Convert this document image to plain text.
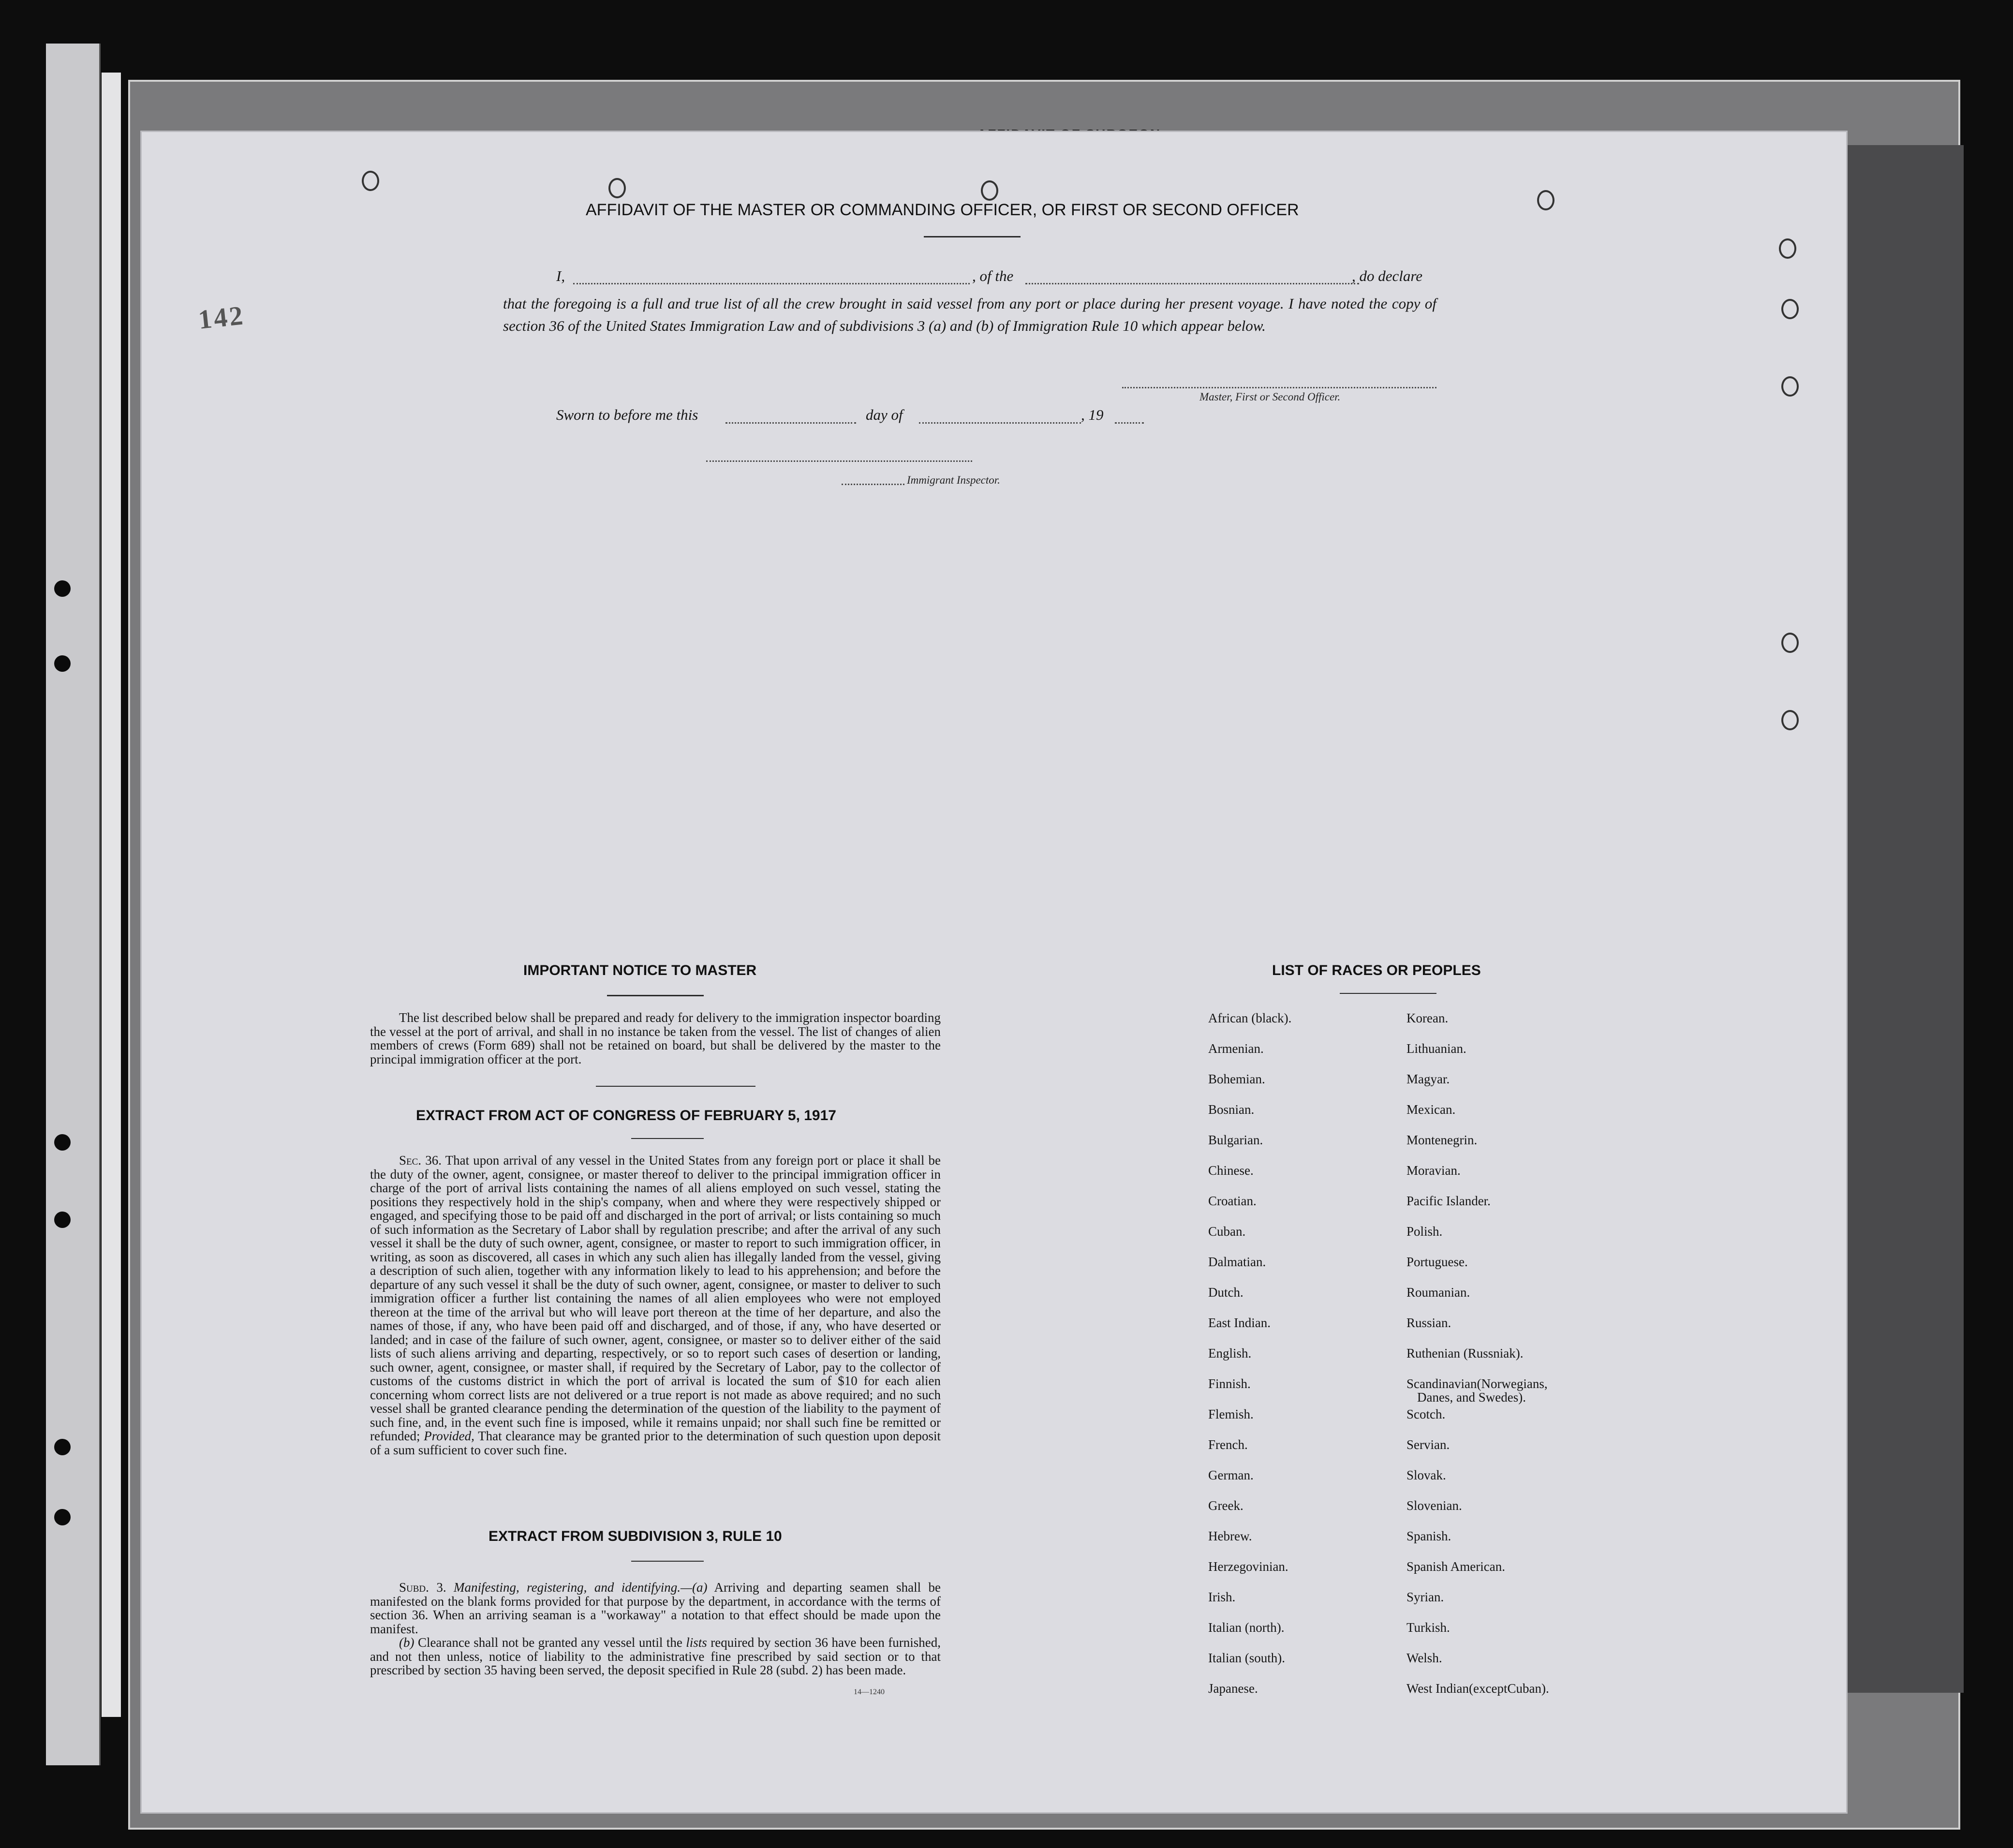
142
AFFIDAVIT OF THE MASTER OR COMMANDING OFFICER, OR FIRST OR SECOND OFFICER
I,	, of the	, do declare
that the foregoing is a full and true list of all the crew brought in said vessel from any port or place during her present voyage. I have noted the copy of section 36 of the United States Immigration Law and of subdivisions 3 (a) and (b) of Immigration Rule 10 which appear below.
Master, First or Second Officer.
Sworn to before me this	day of	, 19
Immigrant Inspector.
IMPORTANT NOTICE TO MASTER
The list described below shall be prepared and ready for delivery to the immigration inspector boarding the vessel at the port of arrival, and shall in no instance be taken from the vessel. The list of changes of alien members of crews (Form 689) shall not be retained on board, but shall be delivered by the master to the principal immigration officer at the port.
EXTRACT FROM ACT OF CONGRESS OF FEBRUARY 5, 1917
Sec. 36. That upon arrival of any vessel in the United States from any foreign port or place it shall be the duty of the owner, agent, consignee, or master thereof to deliver to the principal immigration officer in charge of the port of arrival lists containing the names of all aliens employed on such vessel, stating the positions they respectively hold in the ship's company, when and where they were respectively shipped or engaged, and specifying those to be paid off and discharged in the port of arrival; or lists containing so much of such information as the Secretary of Labor shall by regulation prescribe; and after the arrival of any such vessel it shall be the duty of such owner, agent, consignee, or master to report to such immigration officer, in writing, as soon as discovered, all cases in which any such alien has illegally landed from the vessel, giving a description of such alien, together with any information likely to lead to his apprehension; and before the departure of any such vessel it shall be the duty of such owner, agent, consignee, or master to deliver to such immigration officer a further list containing the names of all alien employees who were not employed thereon at the time of the arrival but who will leave port thereon at the time of her departure, and also the names of those, if any, who have been paid off and discharged, and of those, if any, who have deserted or landed; and in case of the failure of such owner, agent, consignee, or master so to deliver either of the said lists of such aliens arriving and departing, respectively, or so to report such cases of desertion or landing, such owner, agent, consignee, or master shall, if required by the Secretary of Labor, pay to the collector of customs of the customs district in which the port of arrival is located the sum of $10 for each alien concerning whom correct lists are not delivered or a true report is not made as above required; and no such vessel shall be granted clearance pending the determination of the question of the liability to the payment of such fine, and, in the event such fine is imposed, while it remains unpaid; nor shall such fine be remitted or refunded; Provided, That clearance may be granted prior to the determination of such question upon deposit of a sum sufficient to cover such fine.
EXTRACT FROM SUBDIVISION 3, RULE 10
Subd. 3. Manifesting, registering, and identifying.—(a) Arriving and departing seamen shall be manifested on the blank forms provided for that purpose by the department, in accordance with the terms of section 36. When an arriving seaman is a "workaway" a notation to that effect should be made upon the manifest.
(b) Clearance shall not be granted any vessel until the lists required by section 36 have been furnished, and not then unless, notice of liability to the administrative fine prescribed by said section or to that prescribed by section 35 having been served, the deposit specified in Rule 28 (subd. 2) has been made.
14—1240
LIST OF RACES OR PEOPLES
African (black).
Armenian.
Bohemian.
Bosnian.
Bulgarian.
Chinese.
Croatian.
Cuban.
Dalmatian.
Dutch.
East Indian.
English.
Finnish.
Flemish.
French.
German.
Greek.
Hebrew.
Herzegovinian.
Irish.
Italian (north).
Italian (south).
Japanese.
Korean.
Lithuanian.
Magyar.
Mexican.
Montenegrin.
Moravian.
Pacific Islander.
Polish.
Portuguese.
Roumanian.
Russian.
Ruthenian (Russniak).
Scandinavian(Norwegians,
Danes, and Swedes).
Scotch.
Servian.
Slovak.
Slovenian.
Spanish.
Spanish American.
Syrian.
Turkish.
Welsh.
West Indian(exceptCuban).
